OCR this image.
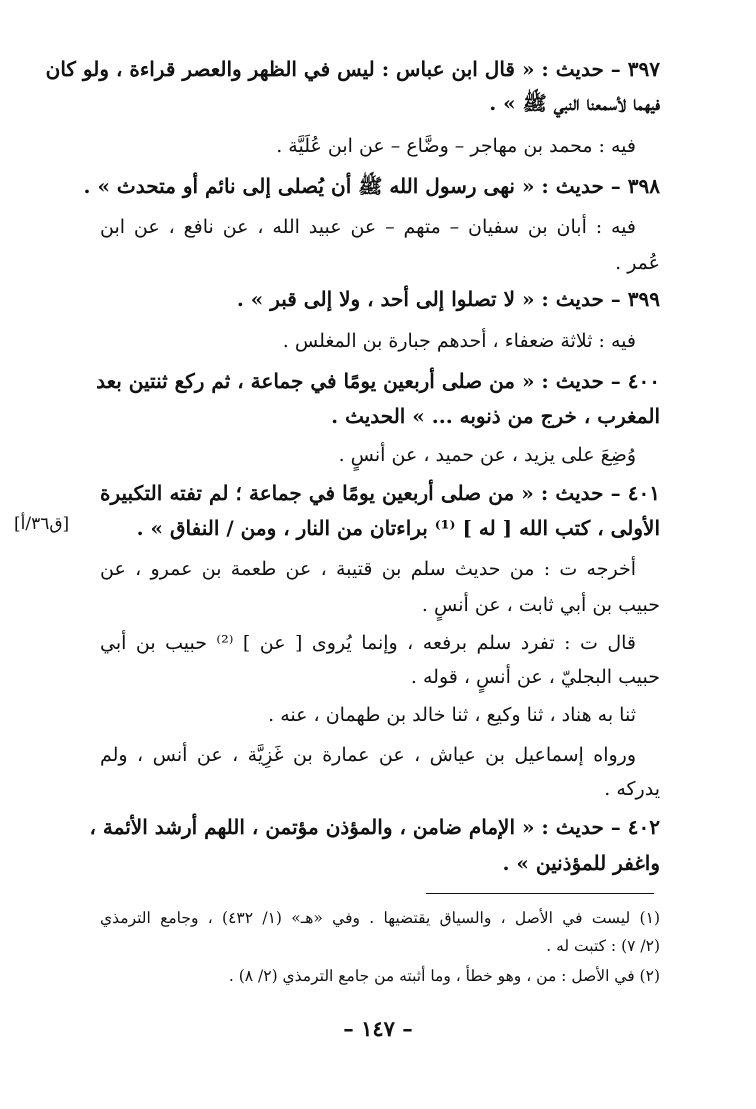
٣٩٧ – حديث : « قال ابن عباس : ليس في الظهر والعصر قراءة ، ولو كان
فيهما لأسمعنا النبي ﷺ » .
فيه : محمد بن مهاجر – وضَّاع – عن ابن عُلَيَّة .
٣٩٨ – حديث : « نهى رسول الله ﷺ أن يُصلى إلى نائم أو متحدث » .
فيه : أبان بن سفيان – متهم – عن عبيد الله ، عن نافع ، عن ابن
عُمر .
٣٩٩ – حديث : « لا تصلوا إلى أحد ، ولا إلى قبر » .
فيه : ثلاثة ضعفاء ، أحدهم جبارة بن المغلس .
٤٠٠ – حديث : « من صلى أربعين يومًا في جماعة ، ثم ركع ثنتين بعد
المغرب ، خرج من ذنوبه ... » الحديث .
وُضِعَ على يزيد ، عن حميد ، عن أنسٍ .
٤٠١ – حديث : « من صلى أربعين يومًا في جماعة ؛ لم تفته التكبيرة
الأولى ، كتب الله [ له ] ⁽¹⁾ براءتان من النار ، ومن / النفاق » .
أخرجه ت : من حديث سلم بن قتيبة ، عن طعمة بن عمرو ، عن
حبيب بن أبي ثابت ، عن أنسٍ .
قال ت : تفرد سلم برفعه ، وإنما يُروى [ عن ] ⁽²⁾ حبيب بن أبي
حبيب البجليّ ، عن أنسٍ ، قوله .
ثنا به هناد ، ثنا وكيع ، ثنا خالد بن طهمان ، عنه .
ورواه إسماعيل بن عياش ، عن عمارة بن غَزِيَّة ، عن أنس ، ولم
يدركه .
٤٠٢ – حديث : « الإمام ضامن ، والمؤذن مؤتمن ، اللهم أرشد الأئمة ،
واغفر للمؤذنين » .
[ق٣٦/أ]
(١) ليست في الأصل ، والسياق يقتضيها . وفي «هـ» (١/ ٤٣٢) ، وجامع الترمذي
(٢/ ٧) : كتبت له .
(٢) في الأصل : من ، وهو خطأ ، وما أثبته من جامع الترمذي (٢/ ٨) .
– ١٤٧ –
